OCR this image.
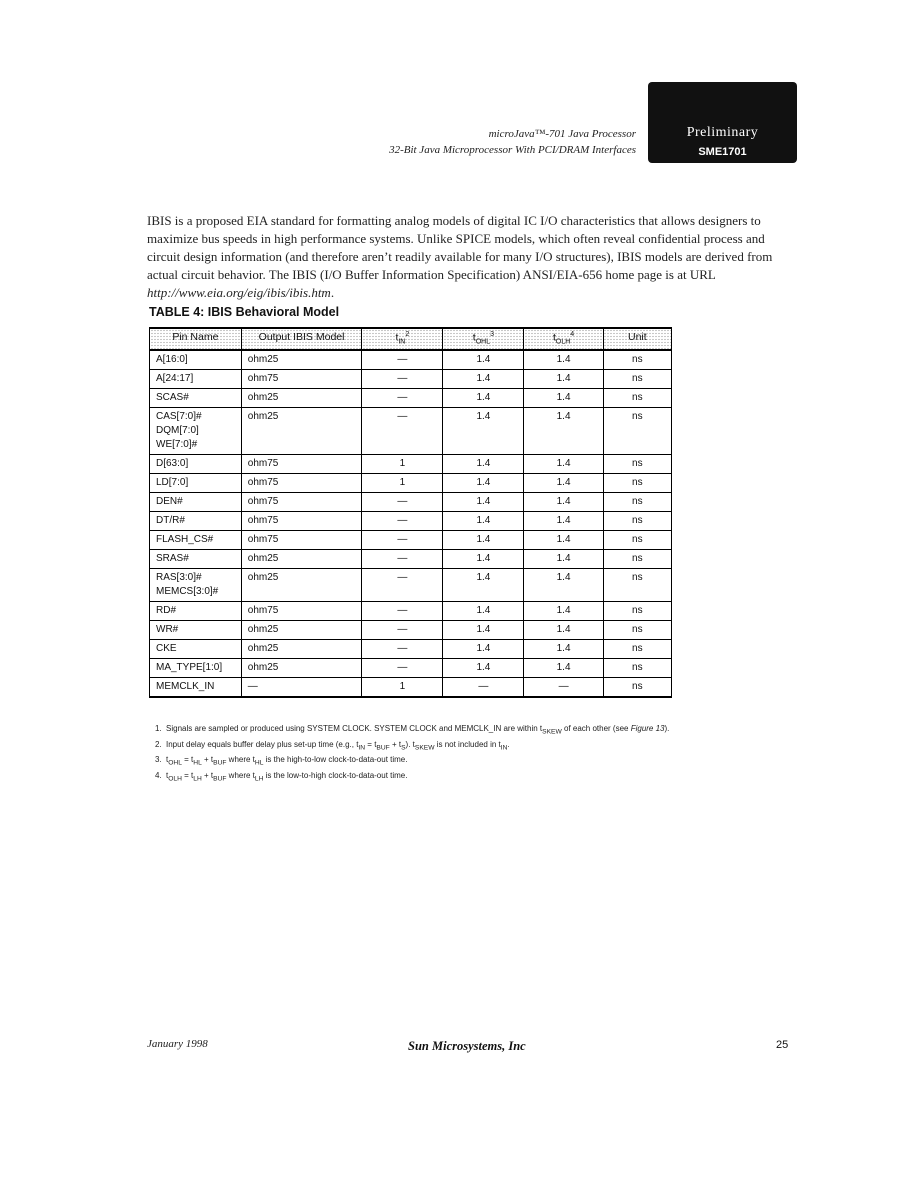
microJava™-701 Java Processor
32-Bit Java Microprocessor With PCI/DRAM Interfaces
Preliminary
SME1701

IBIS is a proposed EIA standard for formatting analog models of digital IC I/O characteristics that allows designers to maximize bus speeds in high performance systems. Unlike SPICE models, which often reveal confidential process and circuit design information (and therefore aren’t readily available for many I/O structures), IBIS models are derived from actual circuit behavior. The IBIS (I/O Buffer Information Specification) ANSI/EIA-656 home page is at URL http://www.eia.org/eig/ibis/ibis.htm.

TABLE 4: IBIS Behavioral Model
Pin Name	Output IBIS Model	$t_{IN}^2$	$t_{OHL}^3$	$t_{OLH}^4$	Unit

A[16:0]	ohm25	—	1.4	1.4	ns

A[24:17]	ohm75	—	1.4	1.4	ns

SCAS#	ohm25	—	1.4	1.4	ns

CAS[7:0]#
DQM[7:0]
WE[7:0]#	ohm25	—	1.4	1.4	ns

D[63:0]	ohm75	1	1.4	1.4	ns

LD[7:0]	ohm75	1	1.4	1.4	ns

DEN#	ohm75	—	1.4	1.4	ns

DT/R#	ohm75	—	1.4	1.4	ns

FLASH_CS#	ohm75	—	1.4	1.4	ns

SRAS#	ohm25	—	1.4	1.4	ns

RAS[3:0]#
MEMCS[3:0]#	ohm25	—	1.4	1.4	ns

RD#	ohm75	—	1.4	1.4	ns

WR#	ohm25	—	1.4	1.4	ns

CKE	ohm25	—	1.4	1.4	ns

MA_TYPE[1:0]	ohm25	—	1.4	1.4	ns

MEMCLK_IN	—	1	—	—	ns
1. Signals are sampled or produced using SYSTEM CLOCK. SYSTEM CLOCK and MEMCLK_IN are within $t_{SKEW}$ of each other (see Figure 13).
2. Input delay equals buffer delay plus set-up time (e.g., $t_{IN} = t_{BUF} + t_S$). $t_{SKEW}$ is not included in $t_{IN}$.
3. $t_{OHL} = t_{HL} + t_{BUF}$ where $t_{HL}$ is the high-to-low clock-to-data-out time.
4. $t_{OLH} = t_{LH} + t_{BUF}$ where $t_{LH}$ is the low-to-high clock-to-data-out time.
January 1998	Sun Microsystems, Inc	25
